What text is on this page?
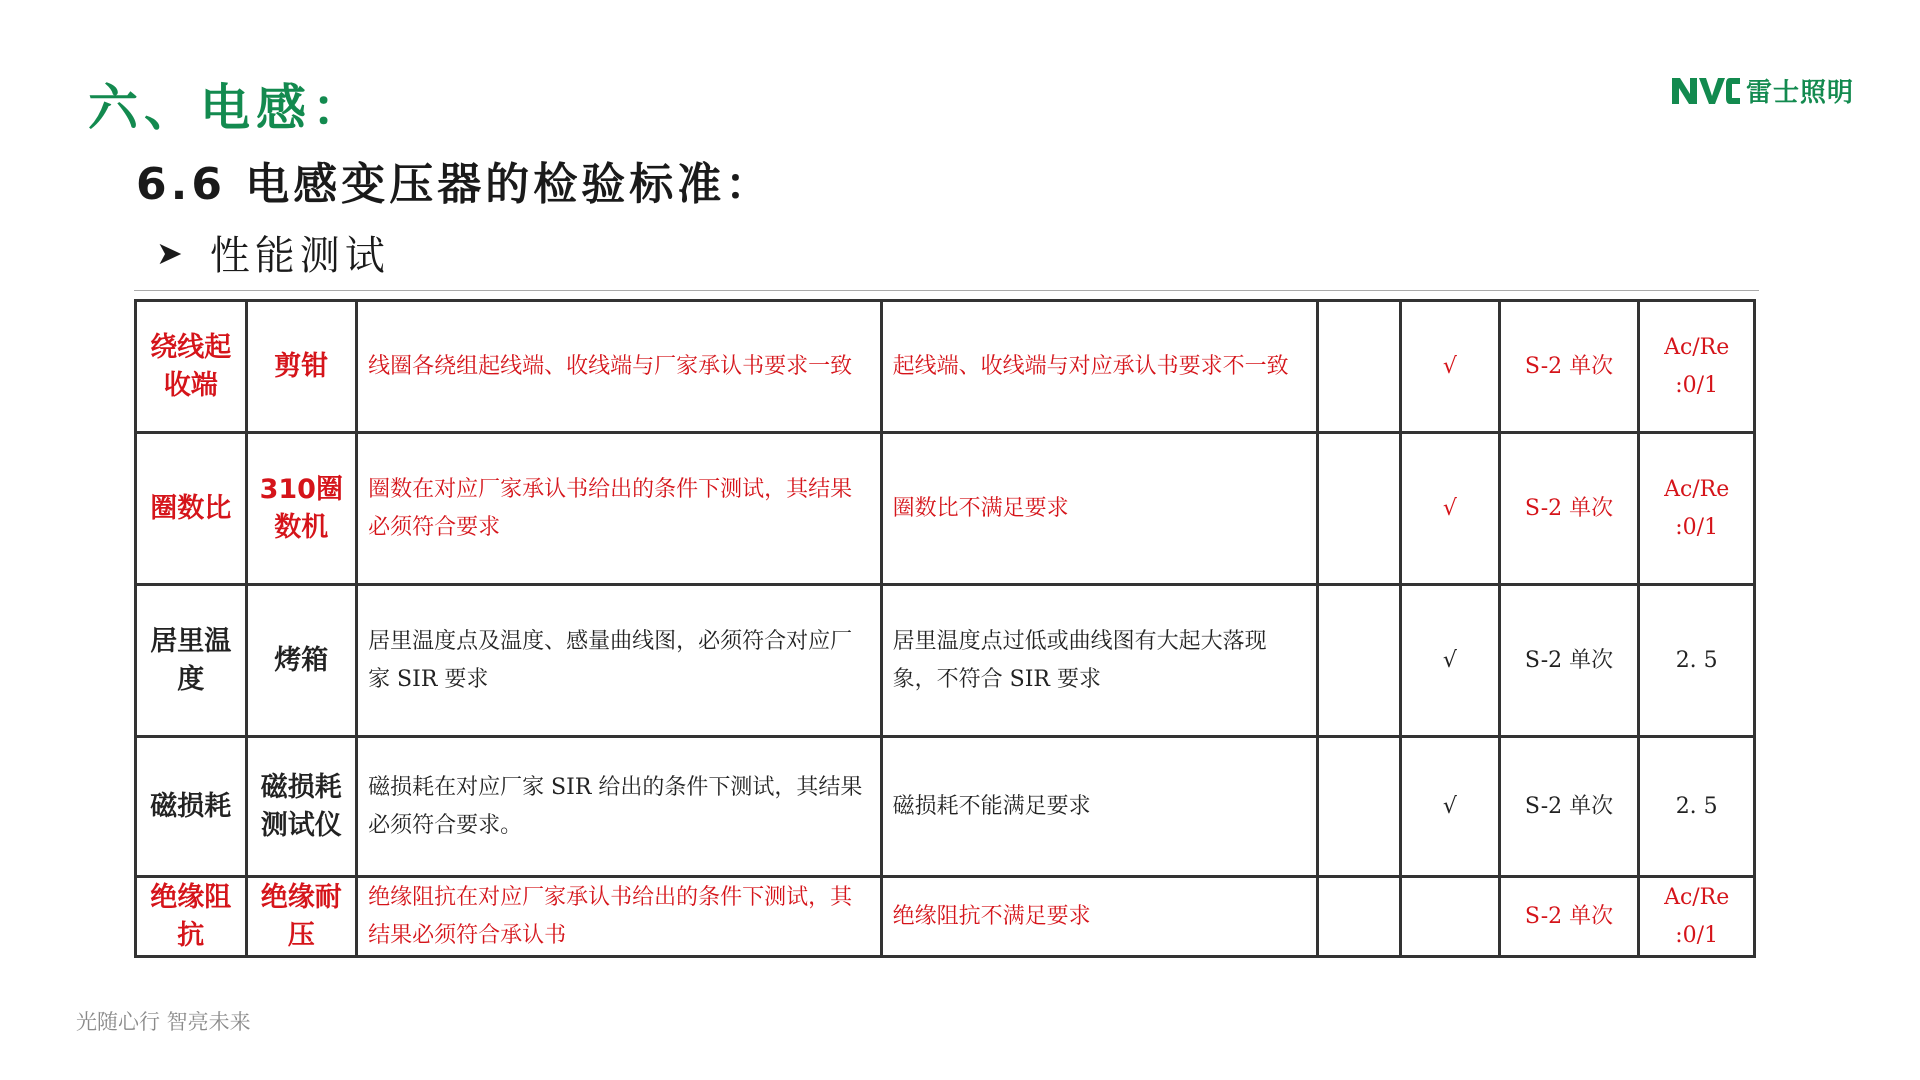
六、电感：
6.6 电感变压器的检验标准：
➤ 性能测试
雷士照明
绕线起收端	剪钳	线圈各绕组起线端、收线端与厂家承认书要求一致	起线端、收线端与对应承认书要求不一致		√	S-2 单次	Ac/Re :0/1
圈数比	310圈数机	圈数在对应厂家承认书给出的条件下测试，其结果必须符合要求	圈数比不满足要求		√	S-2 单次	Ac/Re :0/1
居里温度	烤箱	居里温度点及温度、感量曲线图，必须符合对应厂家 SIR 要求	居里温度点过低或曲线图有大起大落现象，不符合 SIR 要求		√	S-2 单次	2. 5
磁损耗	磁损耗测试仪	磁损耗在对应厂家 SIR 给出的条件下测试，其结果必须符合要求。	磁损耗不能满足要求		√	S-2 单次	2. 5
绝缘阻抗	绝缘耐压	绝缘阻抗在对应厂家承认书给出的条件下测试，其结果必须符合承认书	绝缘阻抗不满足要求			S-2 单次	Ac/Re :0/1
光随心行 智亮未来
